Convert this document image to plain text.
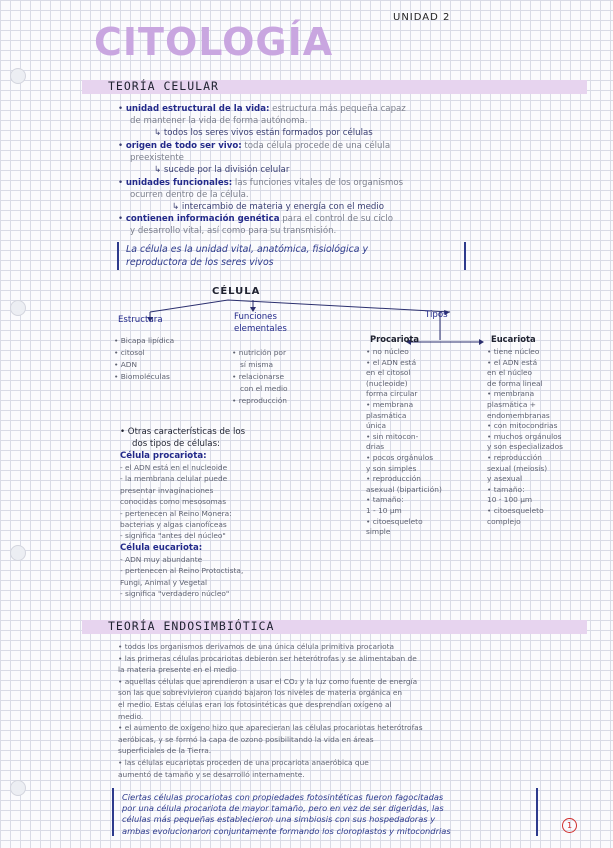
UNIDAD 2
CITOLOGÍA
TEORÍA CELULAR
• unidad estructural de la vida: estructura más pequeña capaz
de mantener la vida de forma autónoma.
↳ todos los seres vivos están formados por células
• origen de todo ser vivo: toda célula procede de una célula
preexistente
↳ sucede por la división celular
• unidades funcionales: las funciones vitales de los organismos
ocurren dentro de la célula.
↳ intercambio de materia y energía con el medio
• contienen información genética para el control de su ciclo
y desarrollo vital, así como para su transmisión.
La célula es la unidad vital, anatómica, fisiológica y
reproductora de los seres vivos
CÉLULA
Estructura
• Bicapa lipídica
• citosol
• ADN
• Biomoléculas
Funciones
elementales
• nutrición por
sí misma
• relacionarse
con el medio
• reproducción
Tipos
Procariota
• no núcleo
• el ADN está
en el citosol
(nucleoide)
forma circular
• membrana
plasmática
única
• sin mitocon-
drias
• pocos orgánulos
y son simples
• reproducción
asexual (bipartición)
• tamaño:
1 - 10 µm
• citoesqueleto
simple
Eucariota
• tiene núcleo
• el ADN está
en el núcleo
de forma lineal
• membrana
plasmática +
endomembranas
• con mitocondrias
• muchos orgánulos
y son especializados
• reproducción
sexual (meiosis)
y asexual
• tamaño:
10 - 100 µm
• citoesqueleto
complejo
• Otras características de los
dos tipos de células:
Célula procariota:
- el ADN está en el nucleoide
- la membrana celular puede
presentar invaginaciones
conocidas como mesosomas
- pertenecen al Reino Monera:
bacterias y algas cianofíceas
- significa "antes del núcleo"
Célula eucariota:
- ADN muy abundante
- pertenecen al Reino Protoctista,
Fungi, Animal y Vegetal
- significa "verdadero núcleo"
TEORÍA ENDOSIMBIÓTICA
• todos los organismos derivamos de una única célula primitiva procariota
• las primeras células procariotas debieron ser heterótrofas y se alimentaban de
la materia presente en el medio
• aquellas células que aprendieron a usar el CO₂ y la luz como fuente de energía
son las que sobrevivieron cuando bajaron los niveles de materia orgánica en
el medio. Estas células eran los fotosintéticas que desprendían oxígeno al
medio.
• el aumento de oxígeno hizo que aparecieran las células procariotas heterótrofas
aeróbicas, y se formó la capa de ozono posibilitando la vida en áreas
superficiales de la Tierra.
• las células eucariotas proceden de una procariota anaeróbica que
aumentó de tamaño y se desarrolló internamente.
Ciertas células procariotas con propiedades fotosintéticas fueron fagocitadas
por una célula procariota de mayor tamaño, pero en vez de ser digeridas, las
células más pequeñas establecieron una simbiosis con sus hospedadoras y
ambas evolucionaron conjuntamente formando los cloroplastos y mitocondrias
1
